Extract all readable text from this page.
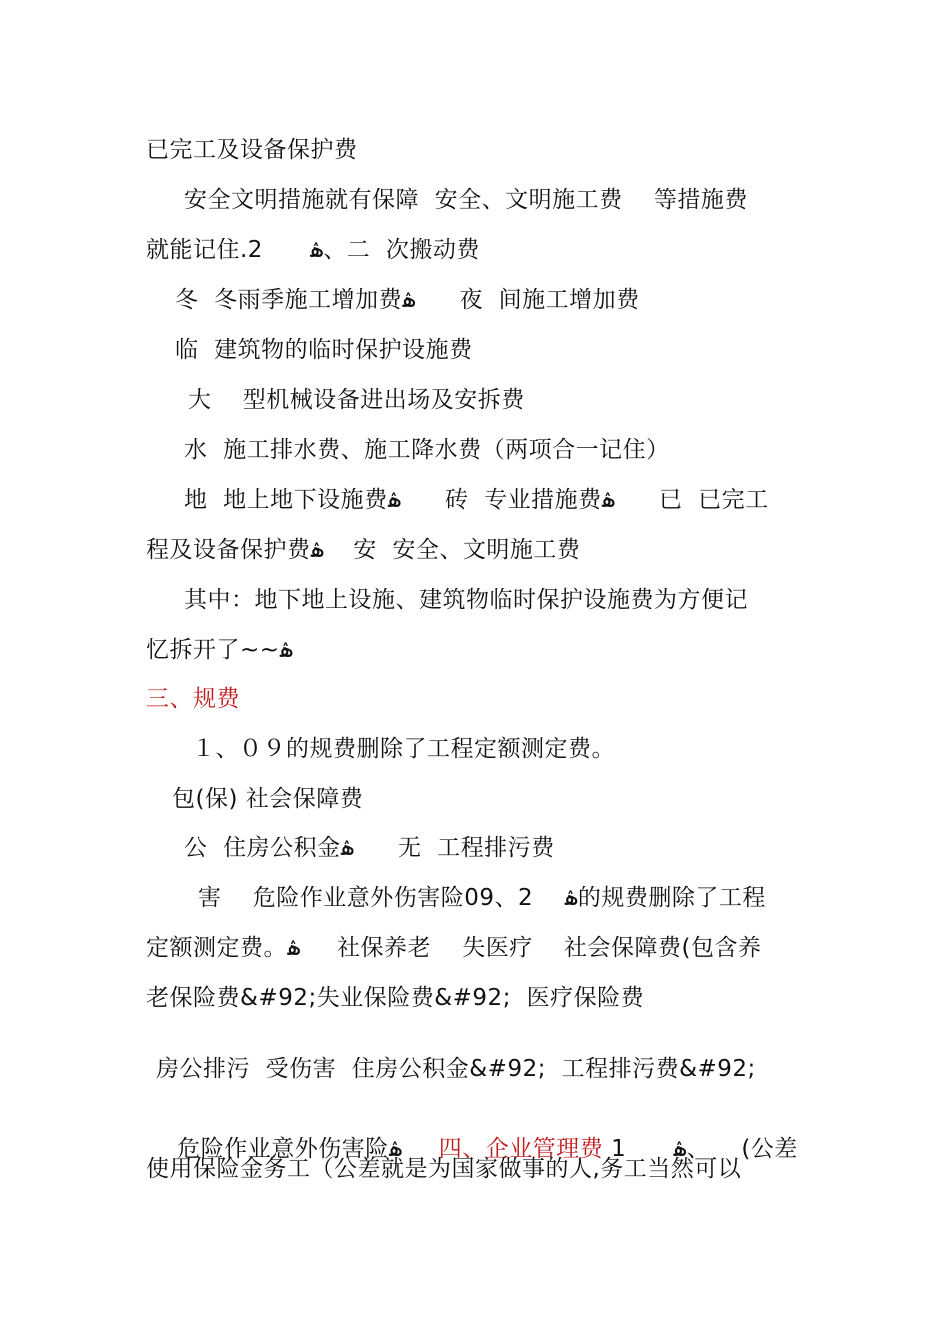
已完工及设备保护费
安全文明措施就有保障  安全、文明施工费    等措施费
就能记住.2      ۿ、二  次搬动费
冬  冬雨季施工增加费ۿ      夜  间施工增加费
临  建筑物的临时保护设施费
大    型机械设备进出场及安拆费
水  施工排水费、施工降水费（两项合一记住）
地  地上地下设施费ۿ      砖  专业措施费ۿ      已  已完工
程及设备保护费ۿ    安  安全、文明施工费
其中：地下地上设施、建筑物临时保护设施费为方便记
忆拆开了~~ۿ
三、规费
１、０９的规费删除了工程定额测定费。
包(保) 社会保障费
公  住房公积金ۿ      无  工程排污费
害    危险作业意外伤害险09、2    ۿ的规费删除了工程
定额测定费。ۿ     社保养老    失医疗    社会保障费(包含养
老保险费&#92;失业保险费&#92;  医疗保险费
房公排污  受伤害  住房公积金&#92;  工程排污费&#92;

危险作业意外伤害险ۿ     四、企业管理费 1      ۿ、    (公差

使用保险金务工（公差就是为国家做事的人,务工当然可以
